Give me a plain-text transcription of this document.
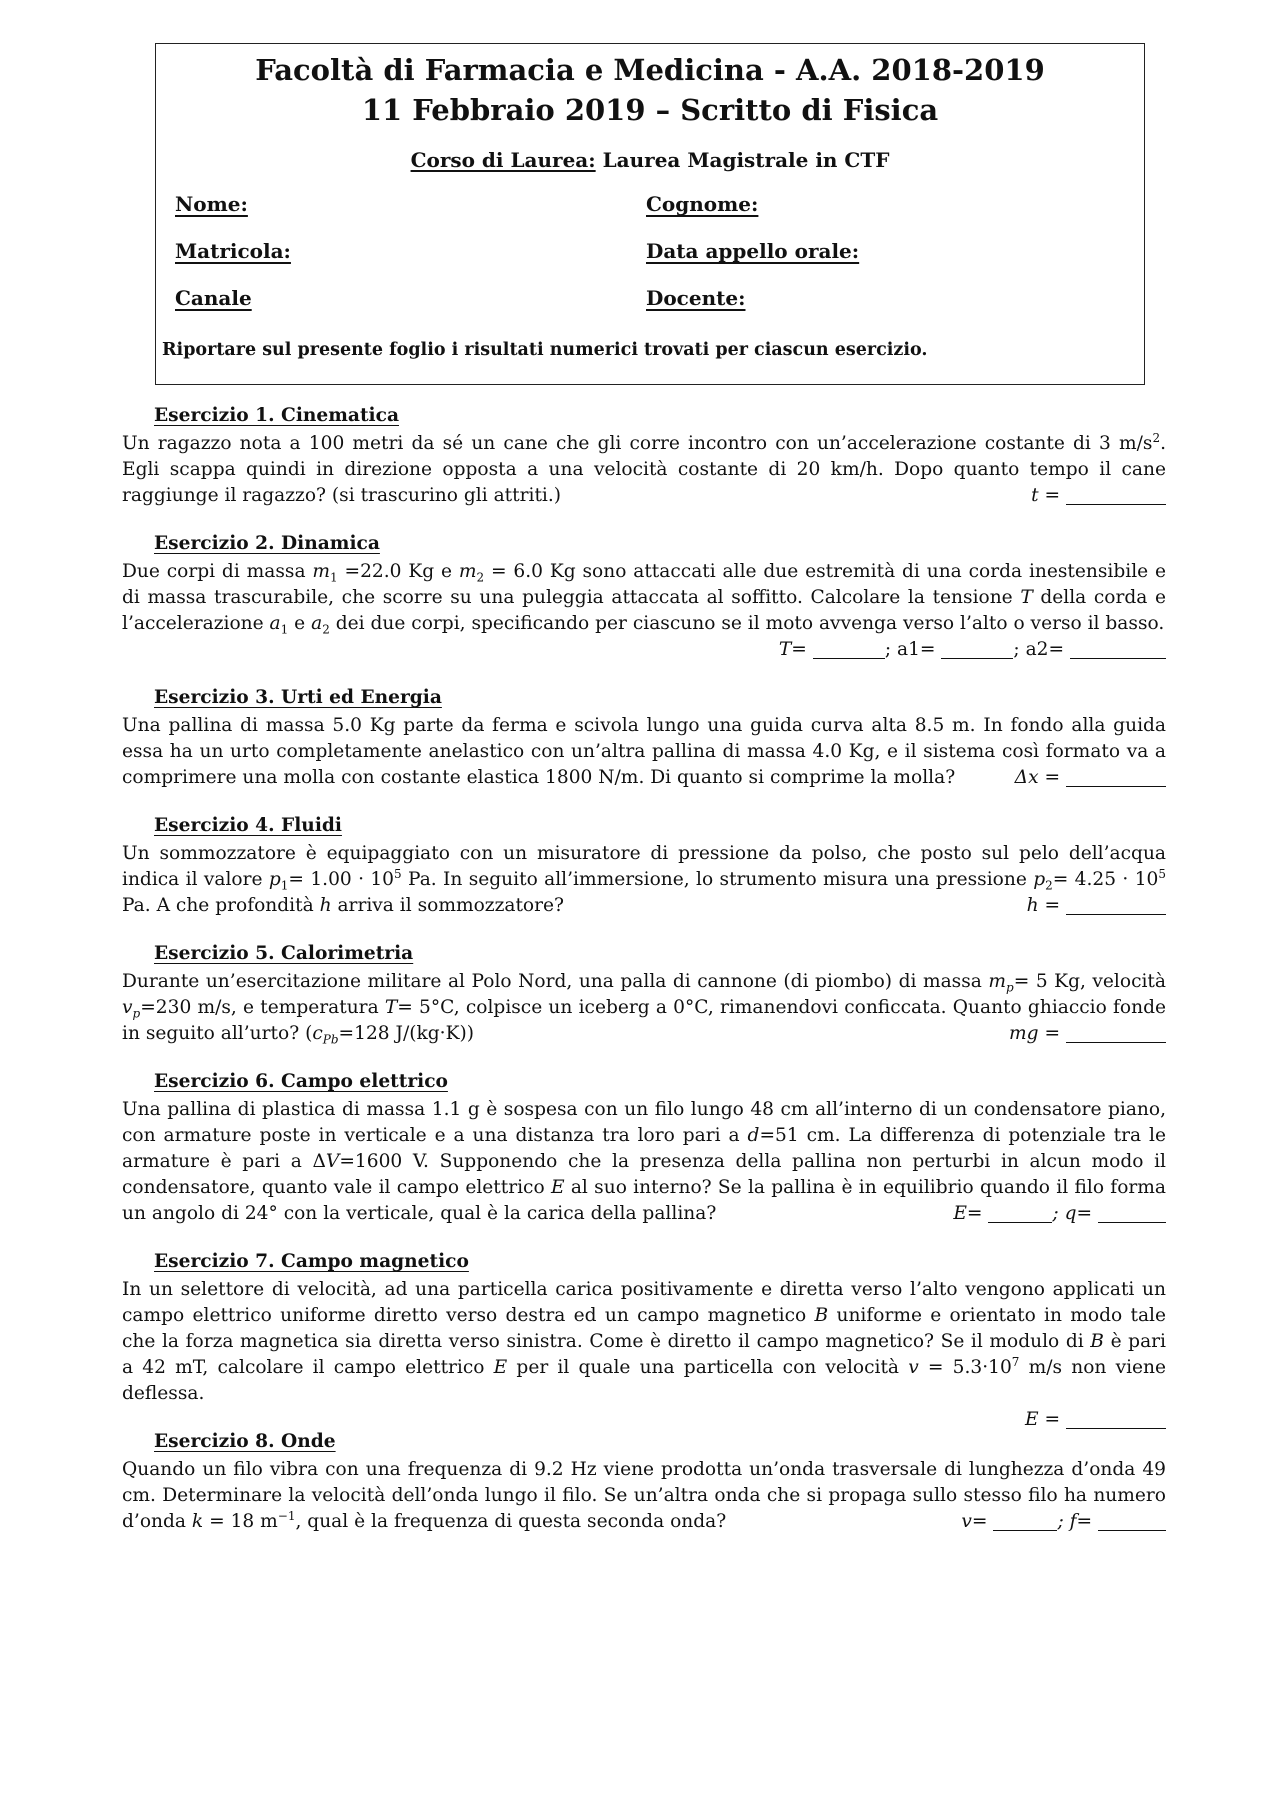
Facoltà di Farmacia e Medicina - A.A. 2018-2019
11 Febbraio 2019 – Scritto di Fisica
Corso di Laurea: Laurea Magistrale in CTF
Nome:	Cognome:
Matricola:	Data appello orale:
Canale	Docente:
Riportare sul presente foglio i risultati numerici trovati per ciascun esercizio.
Esercizio 1. Cinematica
Un ragazzo nota a 100 metri da sé un cane che gli corre incontro con un’accelerazione costante di 3 $m/s^2$. Egli scappa quindi in direzione opposta a una velocità costante di 20 km/h. Dopo quanto tempo il cane raggiunge il ragazzo? (si trascurino gli attriti.)	t =
Esercizio 2. Dinamica
Due corpi di massa $m_1 =22.0$ Kg e $m_2 = 6.0$ Kg sono attaccati alle due estremità di una corda inestensibile e di massa trascurabile, che scorre su una puleggia attaccata al soffitto. Calcolare la tensione T della corda e l’accelerazione $a_1$ e $a_2$ dei due corpi, specificando per ciascuno se il moto avvenga verso l’alto o verso il basso.
T=	; a1=	; a2=
Esercizio 3. Urti ed Energia
Una pallina di massa 5.0 Kg parte da ferma e scivola lungo una guida curva alta 8.5 m. In fondo alla guida essa ha un urto completamente anelastico con un’altra pallina di massa 4.0 Kg, e il sistema così formato va a comprimere una molla con costante elastica 1800 N/m. Di quanto si comprime la molla?	Δx =
Esercizio 4. Fluidi
Un sommozzatore è equipaggiato con un misuratore di pressione da polso, che posto sul pelo dell’acqua indica il valore $p_1= 1.00 \cdot 10^5$ Pa. In seguito all’immersione, lo strumento misura una pressione $p_2= 4.25 \cdot 10^5$ Pa. A che profondità h arriva il sommozzatore?	h =
Esercizio 5. Calorimetria
Durante un’esercitazione militare al Polo Nord, una palla di cannone (di piombo) di massa $m_p= 5$ Kg, velocità $v_p=230$ m/s, e temperatura T= 5°C, colpisce un iceberg a 0°C, rimanendovi conficcata. Quanto ghiaccio fonde in seguito all’urto? ($c_{Pb}=128$ J/(kg·K))	mg =
Esercizio 6. Campo elettrico
Una pallina di plastica di massa 1.1 g è sospesa con un filo lungo 48 cm all’interno di un condensatore piano, con armature poste in verticale e a una distanza tra loro pari a d=51 cm. La differenza di potenziale tra le armature è pari a ΔV=1600 V. Supponendo che la presenza della pallina non perturbi in alcun modo il condensatore, quanto vale il campo elettrico E al suo interno? Se la pallina è in equilibrio quando il filo forma un angolo di 24° con la verticale, qual è la carica della pallina?	E=	; q=
Esercizio 7. Campo magnetico
In un selettore di velocità, ad una particella carica positivamente e diretta verso l’alto vengono applicati un campo elettrico uniforme diretto verso destra ed un campo magnetico B uniforme e orientato in modo tale che la forza magnetica sia diretta verso sinistra. Come è diretto il campo magnetico? Se il modulo di B è pari a 42 mT, calcolare il campo elettrico E per il quale una particella con velocità $v = 5.3\cdot 10^7$ m/s non viene deflessa.
E =
Esercizio 8. Onde
Quando un filo vibra con una frequenza di 9.2 Hz viene prodotta un’onda trasversale di lunghezza d’onda 49 cm. Determinare la velocità dell’onda lungo il filo. Se un’altra onda che si propaga sullo stesso filo ha numero d’onda k = 18 $m^{-1}$, qual è la frequenza di questa seconda onda?	v=	; f=
